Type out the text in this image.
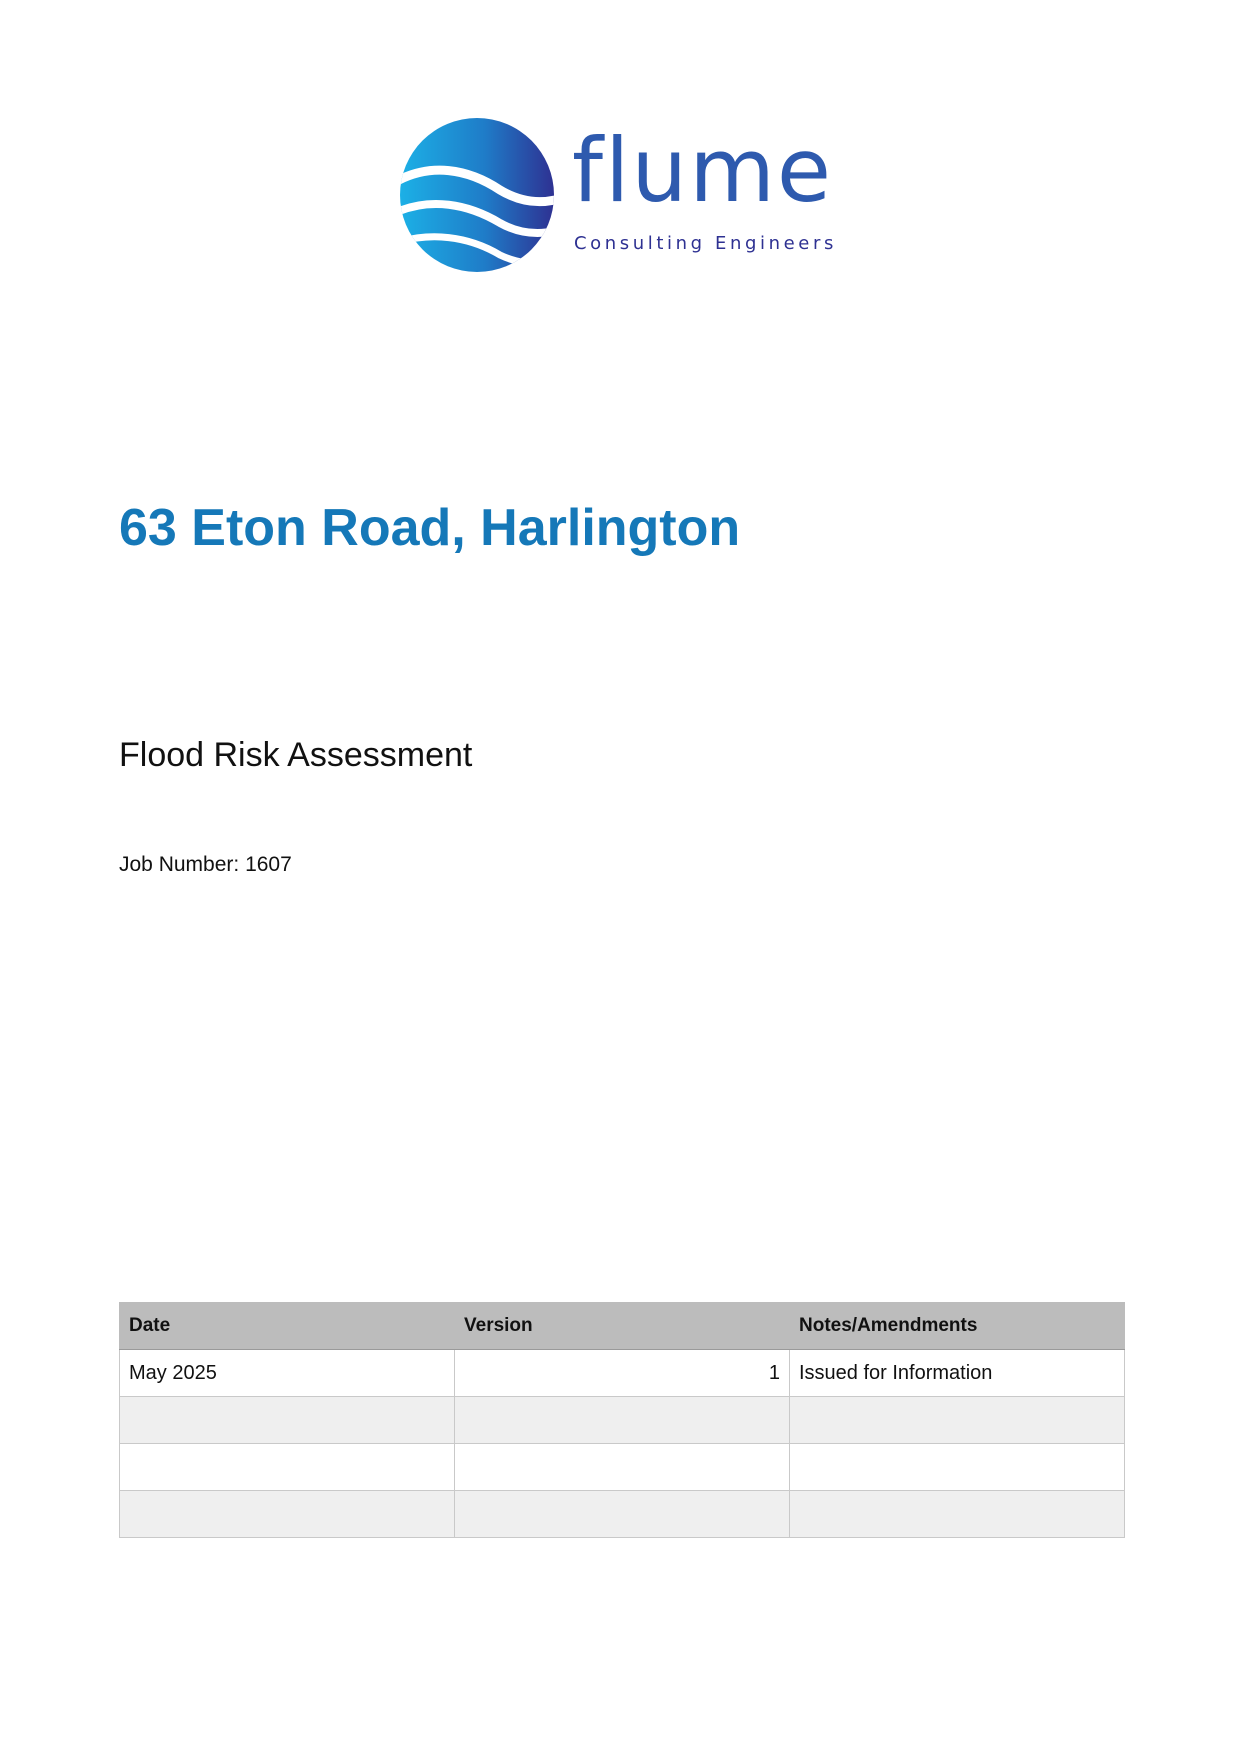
flume
Consulting Engineers
63 Eton Road, Harlington
Flood Risk Assessment

Job Number: 1607

Date	Version	Notes/Amendments
May 2025	1	Issued for Information
